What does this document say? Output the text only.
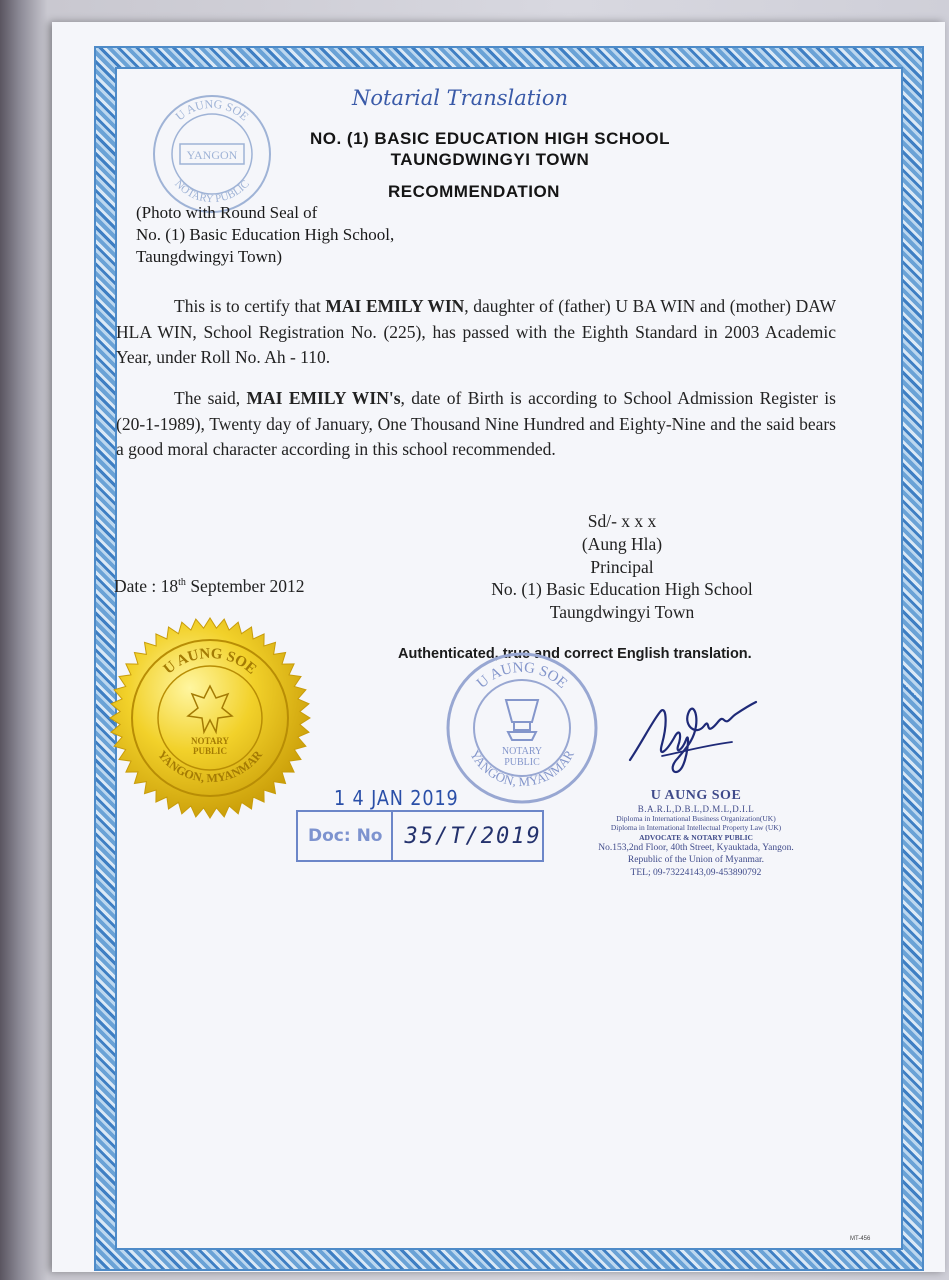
U AUNG SOE
NOTARY PUBLIC
YANGON
Notarial Translation
NO. (1) BASIC EDUCATION HIGH SCHOOL
TAUNGDWINGYI TOWN
RECOMMENDATION
(Photo with Round Seal of
No. (1) Basic Education High School,
Taungdwingyi Town)
This is to certify that MAI EMILY WIN, daughter of (father) U BA WIN and (mother) DAW HLA WIN, School Registration No. (225), has passed with the Eighth Standard in 2003 Academic Year, under Roll No. Ah - 110.
The said, MAI EMILY WIN's, date of Birth is according to School Admission Register is (20-1-1989), Twenty day of January, One Thousand Nine Hundred and Eighty-Nine and the said bears a good moral character according in this school recommended.
Sd/- x x x
(Aung Hla)
Principal
No. (1) Basic Education High School
Taungdwingyi Town
Date : 18th September 2012
Authenticated, true and correct English translation.
U AUNG SOE
YANGON, MYANMAR
NOTARY
PUBLIC
U AUNG SOE
YANGON, MYANMAR
NOTARY
PUBLIC
1 4 JAN 2019
Doc: No	35/T/2019
U AUNG SOE
B.A.R.L,D.B.L,D.M.L,D.I.L
Diploma in International Business Organization(UK)
Diploma in International Intellectual Property Law (UK)
ADVOCATE & NOTARY PUBLIC
No.153,2nd Floor, 40th Street, Kyauktada, Yangon.
Republic of the Union of Myanmar.
TEL; 09-73224143,09-453890792
MT-456
